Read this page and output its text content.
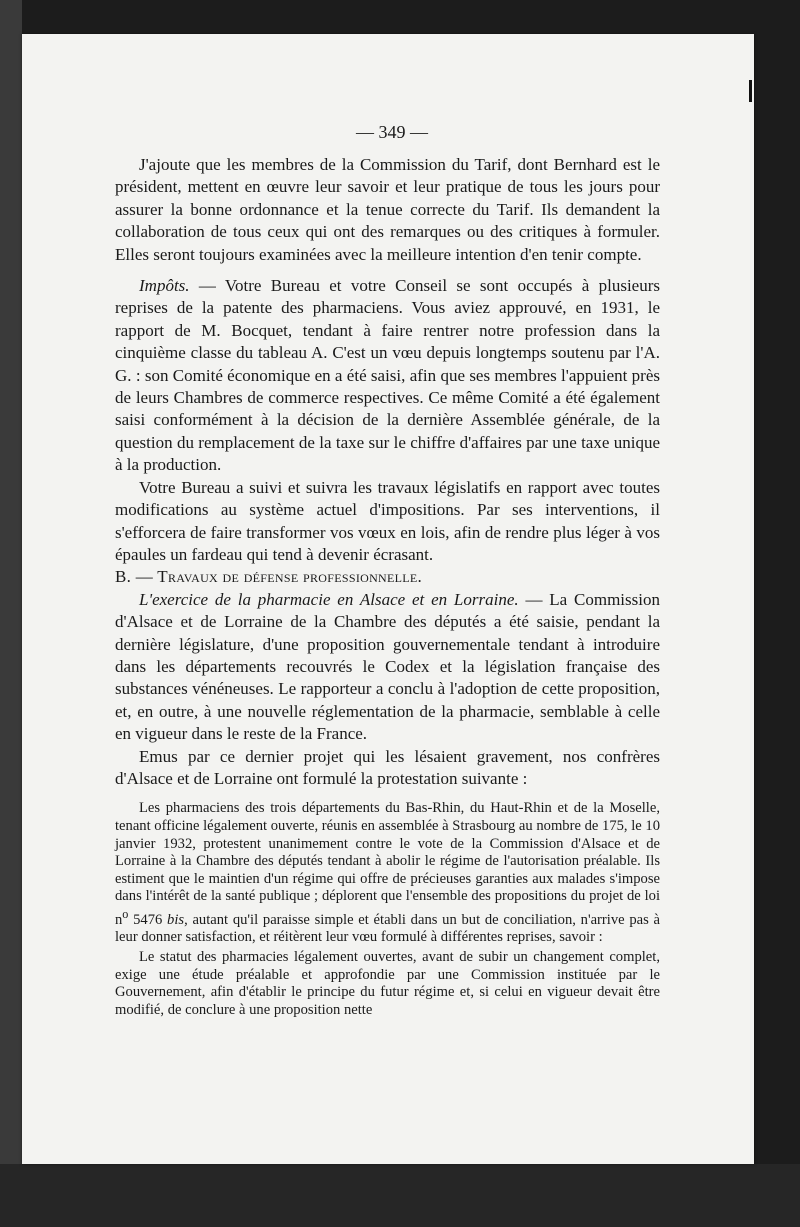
— 349 —

J'ajoute que les membres de la Commission du Tarif, dont Bernhard est le président, mettent en œuvre leur savoir et leur pratique de tous les jours pour assurer la bonne ordonnance et la tenue correcte du Tarif. Ils demandent la collaboration de tous ceux qui ont des remarques ou des critiques à formuler. Elles seront toujours examinées avec la meilleure intention d'en tenir compte.

Impôts. — Votre Bureau et votre Conseil se sont occupés à plusieurs reprises de la patente des pharmaciens. Vous aviez approuvé, en 1931, le rapport de M. Bocquet, tendant à faire rentrer notre profession dans la cinquième classe du tableau A. C'est un vœu depuis longtemps soutenu par l'A. G. : son Comité économique en a été saisi, afin que ses membres l'appuient près de leurs Chambres de commerce respectives. Ce même Comité a été également saisi conformément à la décision de la dernière Assemblée générale, de la question du remplacement de la taxe sur le chiffre d'affaires par une taxe unique à la production.

Votre Bureau a suivi et suivra les travaux législatifs en rapport avec toutes modifications au système actuel d'impositions. Par ses interventions, il s'efforcera de faire transformer vos vœux en lois, afin de rendre plus léger à vos épaules un fardeau qui tend à devenir écrasant.

B. — Travaux de défense professionnelle.

L'exercice de la pharmacie en Alsace et en Lorraine. — La Commission d'Alsace et de Lorraine de la Chambre des députés a été saisie, pendant la dernière législature, d'une proposition gouvernementale tendant à introduire dans les départements recouvrés le Codex et la législation française des substances vénéneuses. Le rapporteur a conclu à l'adoption de cette proposition, et, en outre, à une nouvelle réglementation de la pharmacie, semblable à celle en vigueur dans le reste de la France.

Emus par ce dernier projet qui les lésaient gravement, nos confrères d'Alsace et de Lorraine ont formulé la protestation suivante :

Les pharmaciens des trois départements du Bas-Rhin, du Haut-Rhin et de la Moselle, tenant officine légalement ouverte, réunis en assemblée à Strasbourg au nombre de 175, le 10 janvier 1932, protestent unanimement contre le vote de la Commission d'Alsace et de Lorraine à la Chambre des députés tendant à abolir le régime de l'autorisation préalable. Ils estiment que le maintien d'un régime qui offre de précieuses garanties aux malades s'impose dans l'intérêt de la santé publique ; déplorent que l'ensemble des propositions du projet de loi $n^o$ 5476 bis, autant qu'il paraisse simple et établi dans un but de conciliation, n'arrive pas à leur donner satisfaction, et réitèrent leur vœu formulé à différentes reprises, savoir :

Le statut des pharmacies légalement ouvertes, avant de subir un changement complet, exige une étude préalable et approfondie par une Commission instituée par le Gouvernement, afin d'établir le principe du futur régime et, si celui en vigueur devait être modifié, de conclure à une proposition nette
